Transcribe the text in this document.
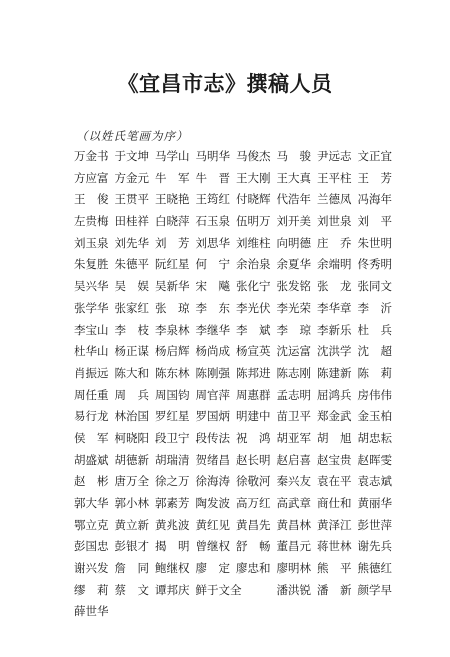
《宜昌市志》撰稿人员

（以姓氏笔画为序）

万金书 于文坤 马学山 马明华 马俊杰 马　骏 尹远志 文正宜
方应富 方金元 牛　军 牛　晋 王大刚 王大真 王平柱 王　芳
王　俊 王贯平 王晓艳 王筠红 付晓辉 代浩年 兰德凤 冯海年
左贵梅 田桂祥 白晓萍 石玉泉 伍明万 刘开美 刘世泉 刘　平
刘玉泉 刘先华 刘　芳 刘思华 刘维柱 向明德 庄　乔 朱世明
朱复胜 朱德平 阮红星 何　宁 余治泉 余夏华 余端明 佟秀明
吴兴华 吴　娱 吴新华 宋　飚 张化宁 张发铭 张　龙 张同文
张学华 张家红 张　琼 李　东 李光伏 李光荣 李华章 李　沂
李宝山 李　枝 李泉林 李继华 李　斌 李　琼 李新乐 杜　兵
杜华山 杨正谋 杨启辉 杨尚成 杨宣英 沈运富 沈洪学 沈　超
肖振远 陈大和 陈东林 陈刚强 陈邦进 陈志刚 陈建新 陈　莉
周任重 周　兵 周国钧 周官萍 周惠群 孟志明 屈鸿兵 房伟伟
易行龙 林治国 罗红星 罗国炳 明建中 苗卫平 郑金武 金玉柏
侯　军 柯晓阳 段卫宁 段传法 祝　鸿 胡亚军 胡　旭 胡忠耘
胡盛斌 胡德新 胡瑞清 贺绪昌 赵长明 赵启喜 赵宝贵 赵晖雯
赵　彬 唐万全 徐之万 徐海涛 徐敬河 秦兴友 袁在平 袁志斌
郭大华 郭小林 郭素芳 陶发波 高万红 高武章 商仕和 黄丽华
鄂立克 黄立新 黄兆波 黄红见 黄昌先 黄昌林 黄泽江 彭世萍
彭国忠 彭银才 揭　明 曾继权 舒　畅 董昌元 蒋世林 谢先兵
谢兴发 詹　同 鲍继权 廖　定 廖忠和 廖明林 熊　平 熊德红
缪　莉 蔡　文 谭邦庆 鲜于文全	潘洪锐 潘　新 颜学早
薛世华
